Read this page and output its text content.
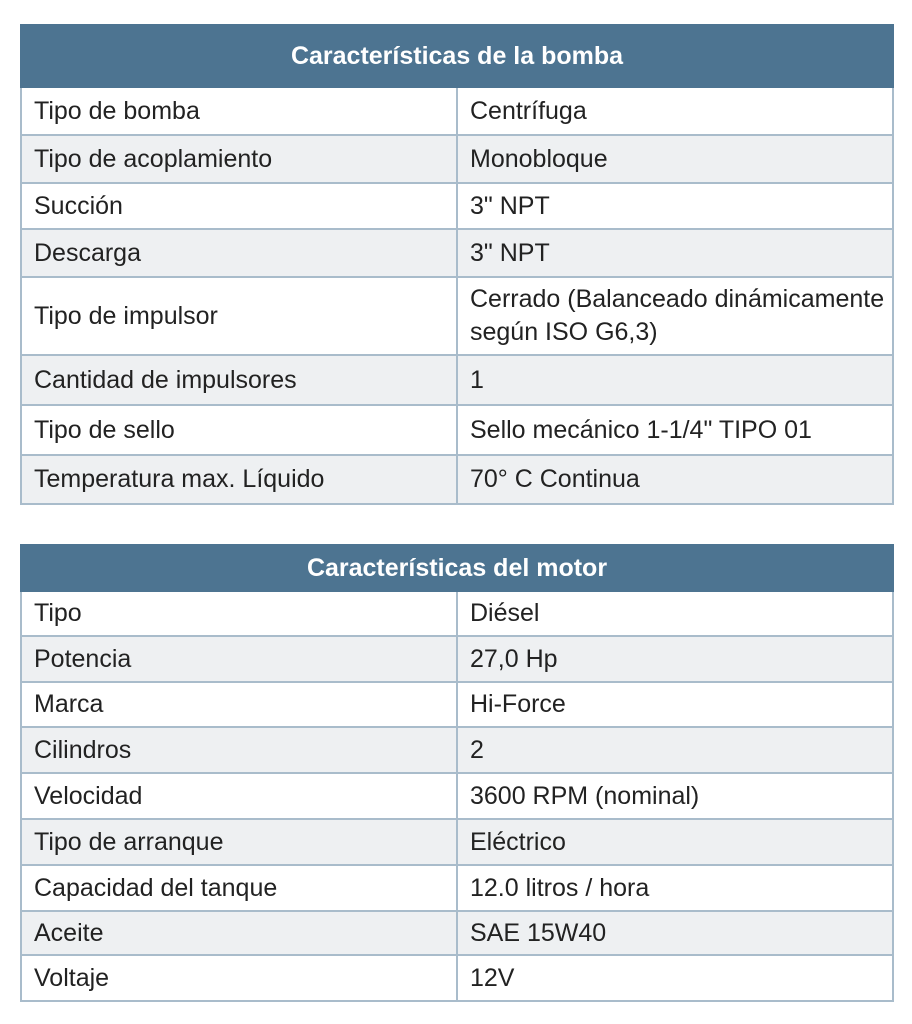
Características de la bomba	
Tipo de bomba	Centrífuga
Tipo de acoplamiento	Monobloque
Succión	3" NPT
Descarga	3" NPT
Tipo de impulsor	Cerrado (Balanceado dinámicamente según ISO G6,3)
Cantidad de impulsores	1
Tipo de sello	Sello mecánico 1-1/4" TIPO 01
Temperatura max. Líquido	70° C Continua
Características del motor	
Tipo	Diésel
Potencia	27,0 Hp
Marca	Hi-Force
Cilindros	2
Velocidad	3600 RPM (nominal)
Tipo de arranque	Eléctrico
Capacidad del tanque	12.0 litros / hora
Aceite	SAE 15W40
Voltaje	12V
